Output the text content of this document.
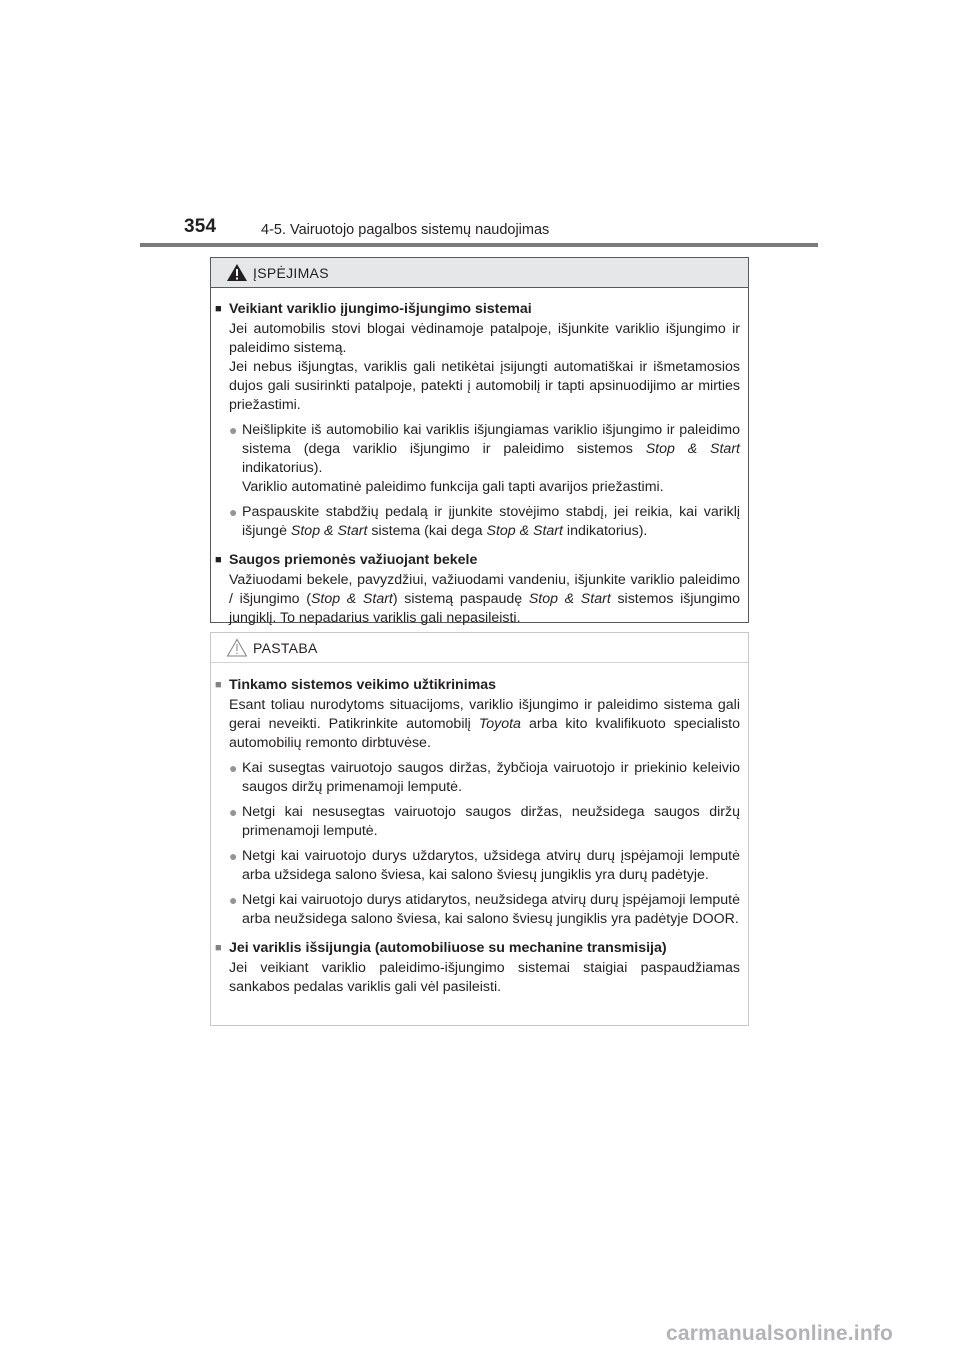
354	4-5. Vairuotojo pagalbos sistemų naudojimas
ĮSPĖJIMAS
■ Veikiant variklio įjungimo-išjungimo sistemai

Jei automobilis stovi blogai vėdinamoje patalpoje, išjunkite variklio išjungimo ir paleidimo sistemą.

Jei nebus išjungtas, variklis gali netikėtai įsijungti automatiškai ir išmetamosios dujos gali susirinkti patalpoje, patekti į automobilį ir tapti apsinuodijimo ar mirties priežastimi.

● Neišlipkite iš automobilio kai variklis išjungiamas variklio išjungimo ir paleidimo sistema (dega variklio išjungimo ir paleidimo sistemos Stop & Start indikatorius).

Variklio automatinė paleidimo funkcija gali tapti avarijos priežastimi.

● Paspauskite stabdžių pedalą ir įjunkite stovėjimo stabdį, jei reikia, kai variklį išjungė Stop & Start sistema (kai dega Stop & Start indikatorius).

■ Saugos priemonės važiuojant bekele

Važiuodami bekele, pavyzdžiui, važiuodami vandeniu, išjunkite variklio paleidimo / išjungimo (Stop & Start) sistemą paspaudę Stop & Start sistemos išjungimo jungiklį. To nepadarius variklis gali nepasileisti.

PASTABA
■ Tinkamo sistemos veikimo užtikrinimas

Esant toliau nurodytoms situacijoms, variklio išjungimo ir paleidimo sistema gali gerai neveikti. Patikrinkite automobilį Toyota arba kito kvalifikuoto specialisto automobilių remonto dirbtuvėse.

● Kai susegtas vairuotojo saugos diržas, žybčioja vairuotojo ir priekinio keleivio saugos diržų primenamoji lemputė.
● Netgi kai nesusegtas vairuotojo saugos diržas, neužsidega saugos diržų primenamoji lemputė.
● Netgi kai vairuotojo durys uždarytos, užsidega atvirų durų įspėjamoji lemputė arba užsidega salono šviesa, kai salono šviesų jungiklis yra durų padėtyje.
● Netgi kai vairuotojo durys atidarytos, neužsidega atvirų durų įspėjamoji lemputė arba neužsidega salono šviesa, kai salono šviesų jungiklis yra padėtyje DOOR.
■ Jei variklis išsijungia (automobiliuose su mechanine transmisija)
Jei veikiant variklio paleidimo-išjungimo sistemai staigiai paspaudžiamas sankabos pedalas variklis gali vėl pasileisti.
carmanualsonline.info
